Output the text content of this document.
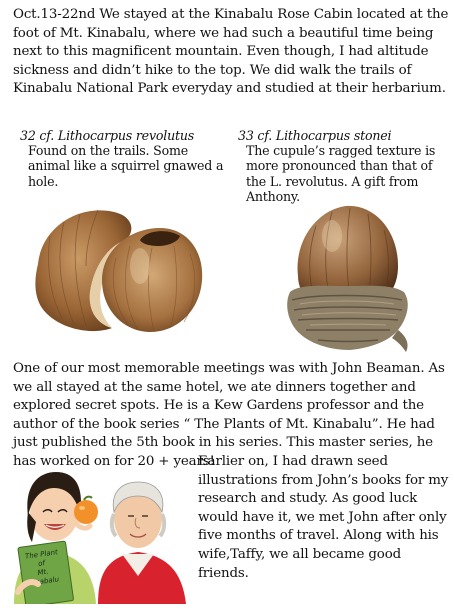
Oct.13-22nd We stayed at the Kinabalu Rose Cabin located at the foot of Mt. Kinabalu, where we had such a beautiful time being next to this magnificent mountain. Even though, I had altitude sickness and didn’t hike to the top. We did walk the trails of Kinabalu National Park everyday and studied at their herbarium.

32 cf. Lithocarpus revolutus
Found on the trails. Some animal like a squirrel gnawed a hole.
33 cf. Lithocarpus stonei
The cupule’s ragged texture is more pronounced than that of the L. revolutus. A gift from Anthony.

One of our most memorable meetings was with John Beaman. As we all stayed at the same hotel, we ate dinners together and explored secret spots. He is a Kew Gardens professor and the author of the book series “ The Plants of Mt. Kinabalu”. He had just published the 5th book in his series. This master series, he has worked on for 20 + years!

The Plant
of
Mt.
Kinabalu

Earlier on, I had drawn seed illustrations from John’s books for my research and study. As good luck would have it, we met John after only five months of travel. Along with his wife,Taffy, we all became good friends.
